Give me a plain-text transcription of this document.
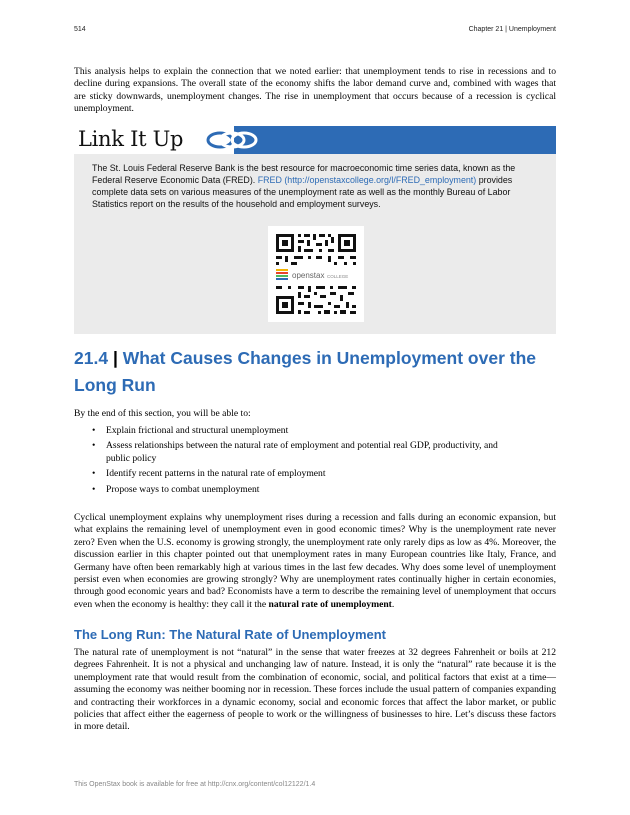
514	Chapter 21 | Unemployment

This analysis helps to explain the connection that we noted earlier: that unemployment tends to rise in recessions and to decline during expansions. The overall state of the economy shifts the labor demand curve and, combined with wages that are sticky downwards, unemployment changes. The rise in unemployment that occurs because of a recession is cyclical unemployment.

Link It Up

The St. Louis Federal Reserve Bank is the best resource for macroeconomic time series data, known as the Federal Reserve Economic Data (FRED). FRED (http://openstaxcollege.org/l/FRED_employment) provides complete data sets on various measures of the unemployment rate as well as the monthly Bureau of Labor Statistics report on the results of the household and employment surveys.

openstax COLLEGE
21.4 | What Causes Changes in Unemployment over the Long Run
By the end of this section, you will be able to:
• Explain frictional and structural unemployment
• Assess relationships between the natural rate of employment and potential real GDP, productivity, and public policy
• Identify recent patterns in the natural rate of employment
• Propose ways to combat unemployment

Cyclical unemployment explains why unemployment rises during a recession and falls during an economic expansion, but what explains the remaining level of unemployment even in good economic times? Why is the unemployment rate never zero? Even when the U.S. economy is growing strongly, the unemployment rate only rarely dips as low as 4%. Moreover, the discussion earlier in this chapter pointed out that unemployment rates in many European countries like Italy, France, and Germany have often been remarkably high at various times in the last few decades. Why does some level of unemployment persist even when economies are growing strongly? Why are unemployment rates continually higher in certain economies, through good economic years and bad? Economists have a term to describe the remaining level of unemployment that occurs even when the economy is healthy: they call it the natural rate of unemployment.

The Long Run: The Natural Rate of Unemployment

The natural rate of unemployment is not “natural” in the sense that water freezes at 32 degrees Fahrenheit or boils at 212 degrees Fahrenheit. It is not a physical and unchanging law of nature. Instead, it is only the “natural” rate because it is the unemployment rate that would result from the combination of economic, social, and political factors that exist at a time—assuming the economy was neither booming nor in recession. These forces include the usual pattern of companies expanding and contracting their workforces in a dynamic economy, social and economic forces that affect the labor market, or public policies that affect either the eagerness of people to work or the willingness of businesses to hire. Let’s discuss these factors in more detail.

This OpenStax book is available for free at http://cnx.org/content/col12122/1.4
